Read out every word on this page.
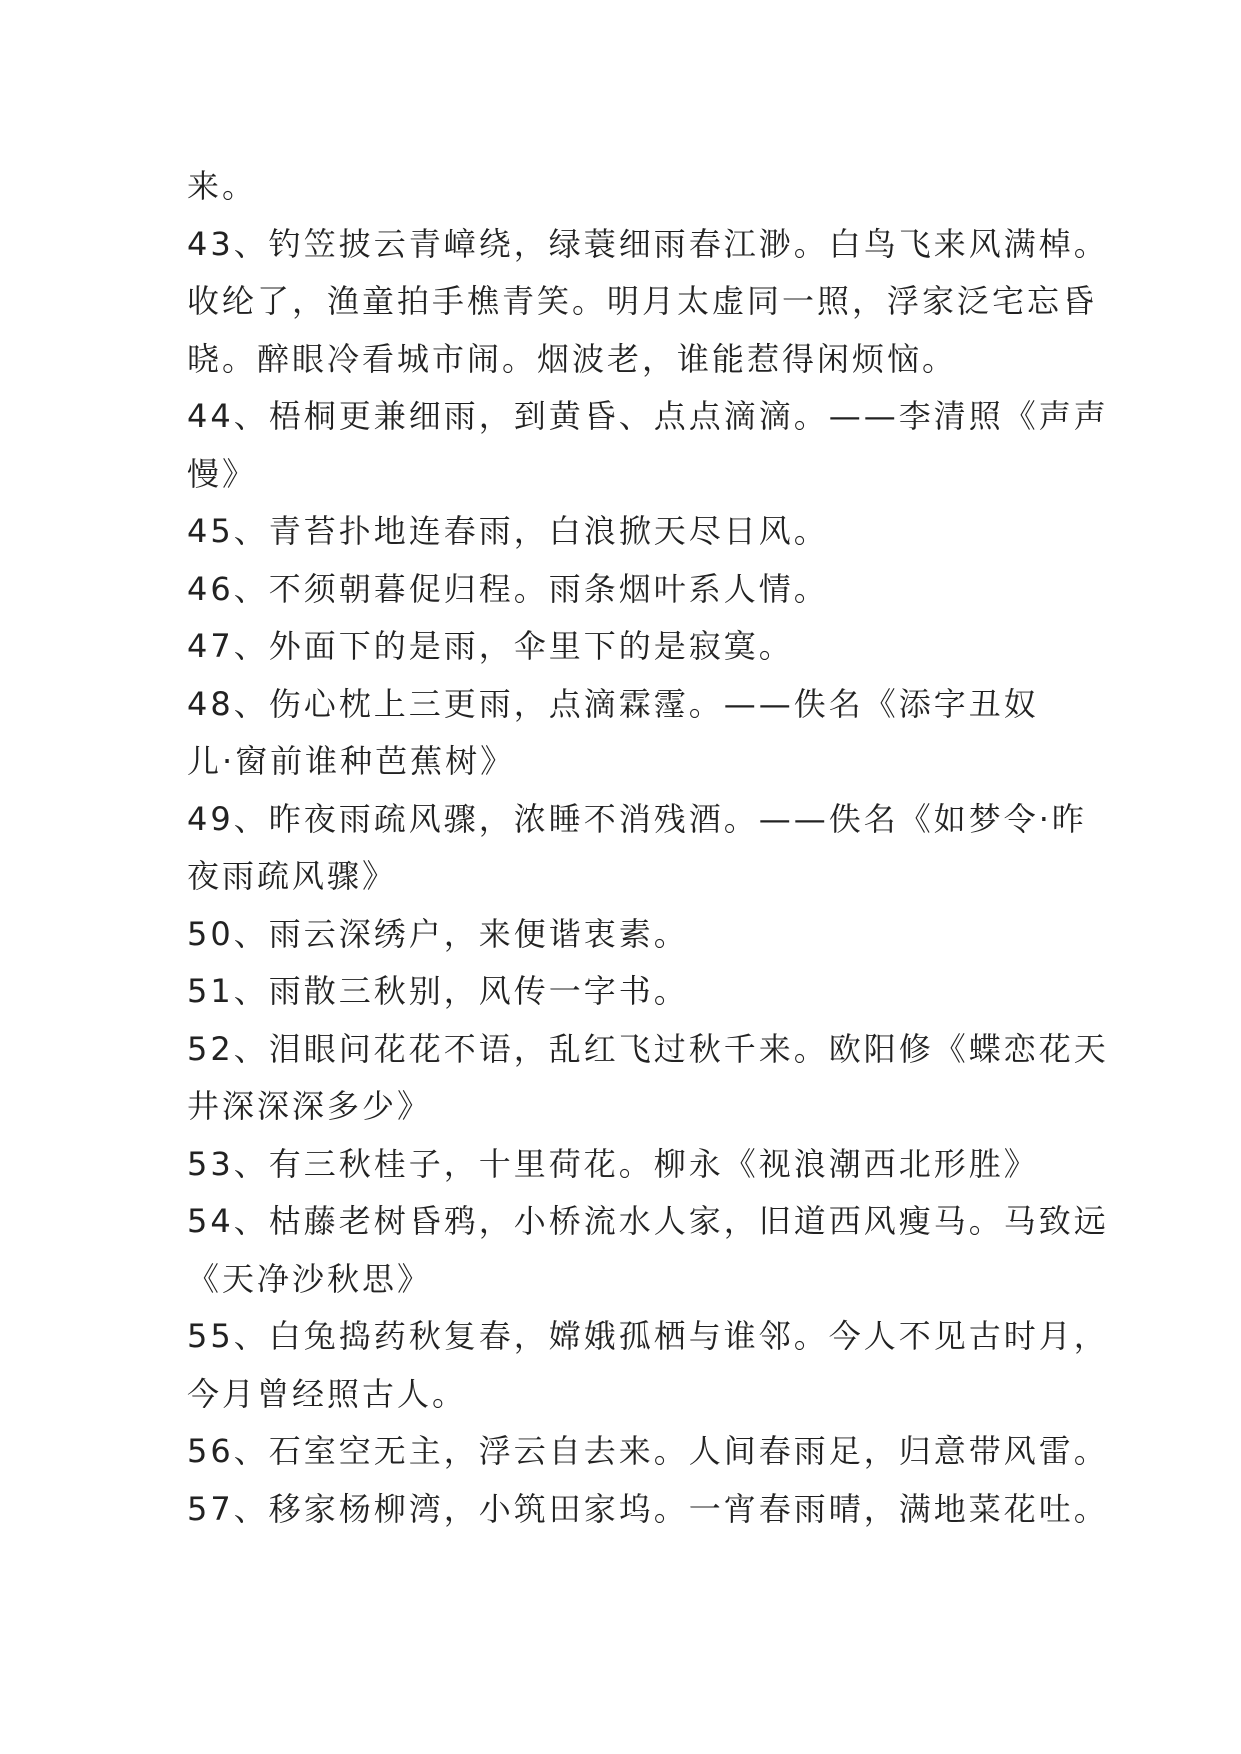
来。
43、钓笠披云青嶂绕，绿蓑细雨春江渺。白鸟飞来风满棹。
收纶了，渔童拍手樵青笑。明月太虚同一照，浮家泛宅忘昏
晓。醉眼冷看城市闹。烟波老，谁能惹得闲烦恼。
44、梧桐更兼细雨，到黄昏、点点滴滴。——李清照《声声
慢》
45、青苔扑地连春雨，白浪掀天尽日风。
46、不须朝暮促归程。雨条烟叶系人情。
47、外面下的是雨，伞里下的是寂寞。
48、伤心枕上三更雨，点滴霖霪。——佚名《添字丑奴
儿·窗前谁种芭蕉树》
49、昨夜雨疏风骤，浓睡不消残酒。——佚名《如梦令·昨
夜雨疏风骤》
50、雨云深绣户，来便谐衷素。
51、雨散三秋别，风传一字书。
52、泪眼问花花不语，乱红飞过秋千来。欧阳修《蝶恋花天
井深深深多少》
53、有三秋桂子，十里荷花。柳永《视浪潮西北形胜》
54、枯藤老树昏鸦，小桥流水人家，旧道西风瘦马。马致远
《天净沙秋思》
55、白兔捣药秋复春，嫦娥孤栖与谁邻。今人不见古时月，
今月曾经照古人。
56、石室空无主，浮云自去来。人间春雨足，归意带风雷。
57、移家杨柳湾，小筑田家坞。一宵春雨晴，满地菜花吐。
